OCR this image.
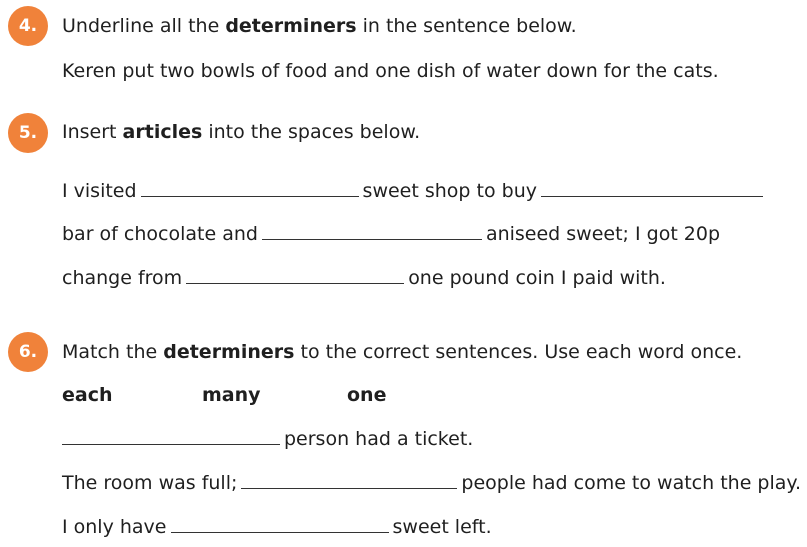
4. Underline all the determiners in the sentence below.
Keren put two bowls of food and one dish of water down for the cats.
5. Insert articles into the spaces below.
I visited	sweet shop to buy
bar of chocolate and	aniseed sweet; I got 20p
change from	one pound coin I paid with.
6. Match the determiners to the correct sentences. Use each word once.
each	many	one
person had a ticket.
The room was full;	people had come to watch the play.
I only have	sweet left.
